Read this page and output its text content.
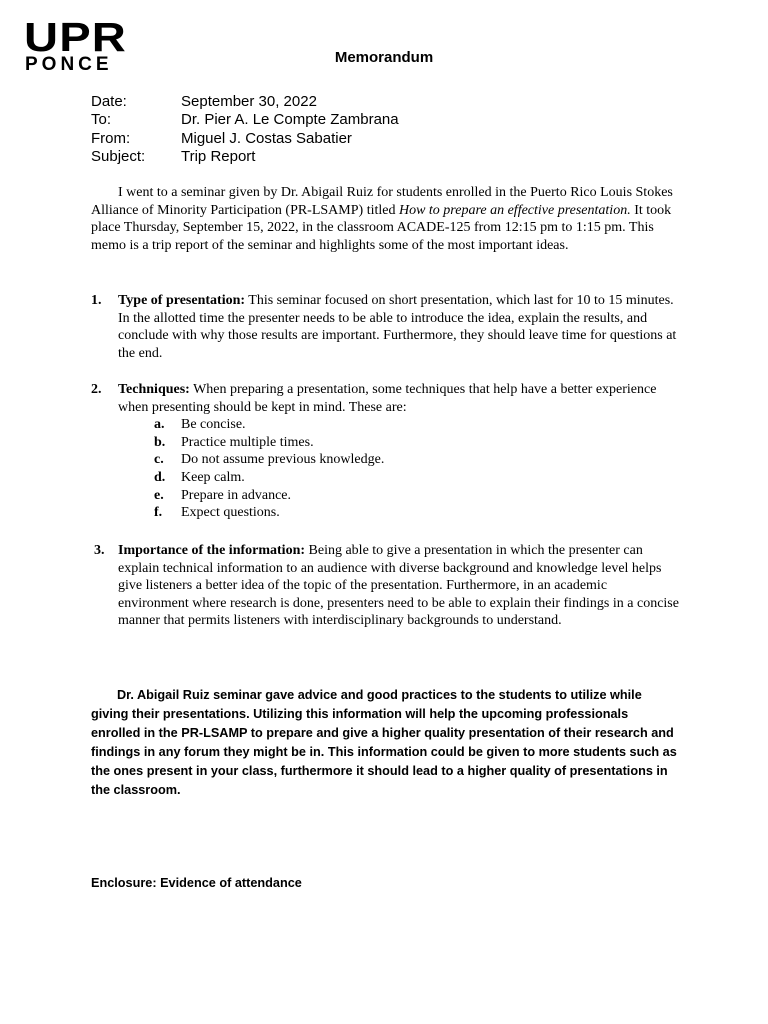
UPR
PONCE	Memorandum
Date:	September 30, 2022
To:	Dr. Pier A. Le Compte Zambrana
From:	Miguel J. Costas Sabatier
Subject:	Trip Report
I went to a seminar given by Dr. Abigail Ruiz for students enrolled in the Puerto Rico Louis Stokes Alliance of Minority Participation (PR-LSAMP) titled How to prepare an effective presentation. It took place Thursday, September 15, 2022, in the classroom ACADE-125 from 12:15 pm to 1:15 pm. This memo is a trip report of the seminar and highlights some of the most important ideas.
1.	Type of presentation: This seminar focused on short presentation, which last for 10 to 15 minutes. In the allotted time the presenter needs to be able to introduce the idea, explain the results, and conclude with why those results are important. Furthermore, they should leave time for questions at the end.
2.	Techniques: When preparing a presentation, some techniques that help have a better experience when presenting should be kept in mind. These are:
a.	Be concise.
b.	Practice multiple times.
c.	Do not assume previous knowledge.
d.	Keep calm.
e.	Prepare in advance.
f.	Expect questions.
3. Importance of the information: Being able to give a presentation in which the presenter can explain technical information to an audience with diverse background and knowledge level helps give listeners a better idea of the topic of the presentation. Furthermore, in an academic environment where research is done, presenters need to be able to explain their findings in a concise manner that permits listeners with interdisciplinary backgrounds to understand.
Dr. Abigail Ruiz seminar gave advice and good practices to the students to utilize while giving their presentations. Utilizing this information will help the upcoming professionals enrolled in the PR-LSAMP to prepare and give a higher quality presentation of their research and findings in any forum they might be in. This information could be given to more students such as the ones present in your class, furthermore it should lead to a higher quality of presentations in the classroom.
Enclosure: Evidence of attendance
